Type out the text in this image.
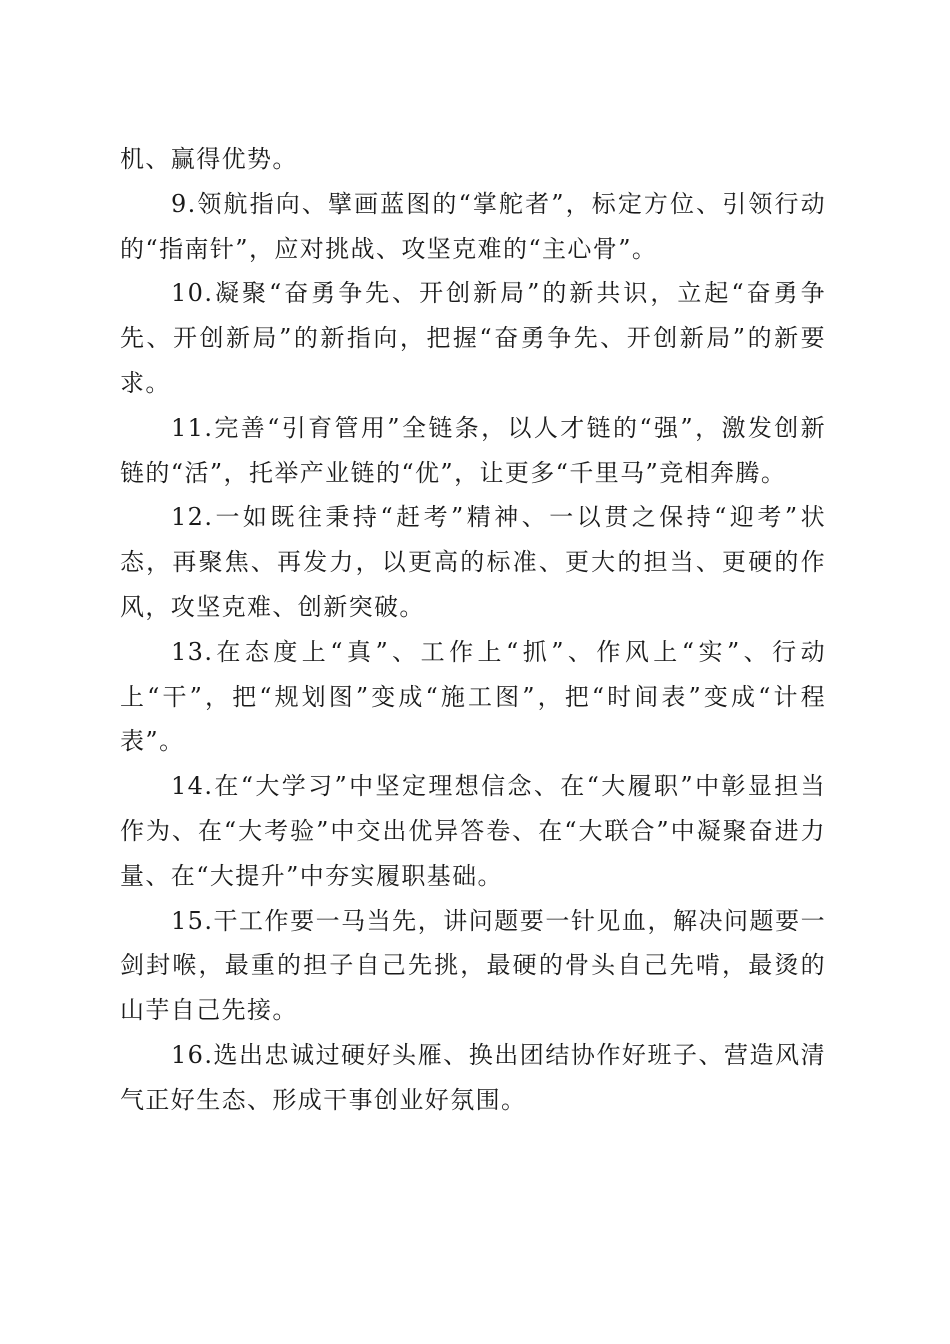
机、赢得优势。

9.领航指向、擘画蓝图的“掌舵者”，标定方位、引领行动的“指南针”，应对挑战、攻坚克难的“主心骨”。

10.凝聚“奋勇争先、开创新局”的新共识，立起“奋勇争先、开创新局”的新指向，把握“奋勇争先、开创新局”的新要求。

11.完善“引育管用”全链条，以人才链的“强”，激发创新链的“活”，托举产业链的“优”，让更多“千里马”竞相奔腾。

12.一如既往秉持“赶考”精神、一以贯之保持“迎考”状态，再聚焦、再发力，以更高的标准、更大的担当、更硬的作风，攻坚克难、创新突破。

13.在态度上“真”、工作上“抓”、作风上“实”、行动上“干”，把“规划图”变成“施工图”，把“时间表”变成“计程表”。

14.在“大学习”中坚定理想信念、在“大履职”中彰显担当作为、在“大考验”中交出优异答卷、在“大联合”中凝聚奋进力量、在“大提升”中夯实履职基础。

15.干工作要一马当先，讲问题要一针见血，解决问题要一剑封喉，最重的担子自己先挑，最硬的骨头自己先啃，最烫的山芋自己先接。

16.选出忠诚过硬好头雁、换出团结协作好班子、营造风清气正好生态、形成干事创业好氛围。
